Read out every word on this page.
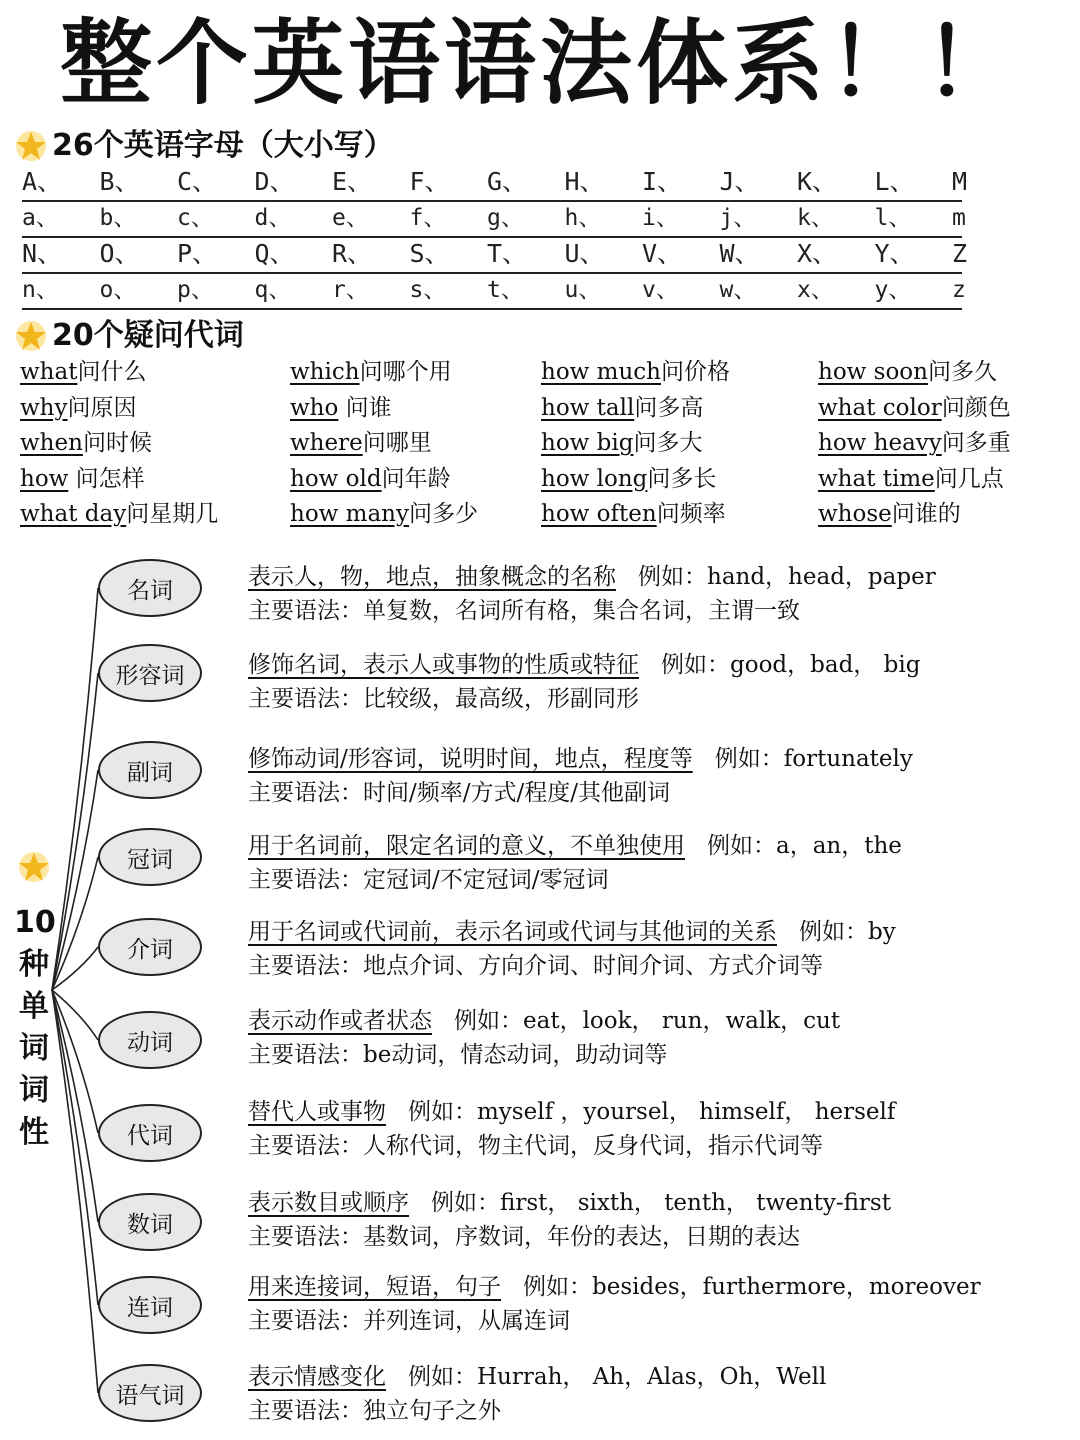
整个英语语法体系！！
26个英语字母（大小写）
A、 B、 C、 D、 E、 F、 G、 H、 I、 J、 K、 L、 M
a、 b、 c、 d、 e、 f、 g、 h、 i、 j、 k、 l、 m
N、 O、 P、 Q、 R、 S、 T、 U、 V、 W、 X、 Y、 Z
n、 o、 p、 q、 r、 s、 t、 u、 v、 w、 x、 y、 z
20个疑问代词
what问什么
why问原因
when问时候
how 问怎样
what day问星期几
which问哪个用
who 问谁
where问哪里
how old问年龄
how many问多少
how much问价格
how tall问多高
how big问多大
how long问多长
how often问频率
how soon问多久
what color问颜色
how heavy问多重
what time问几点
whose问谁的
10
种
单
词
词
性
名词
表示人，物，地点，抽象概念的名称 例如：hand，head，paper
主要语法：单复数，名词所有格，集合名词，主谓一致
形容词	修饰名词，表示人或事物的性质或特征 例如：good，bad， big
主要语法：比较级，最高级，形副同形
副词
修饰动词/形容词，说明时间，地点，程度等 例如：fortunately
主要语法：时间/频率/方式/程度/其他副词
冠词
用于名词前，限定名词的意义，不单独使用 例如：a，an，the
主要语法：定冠词/不定冠词/零冠词
介词
用于名词或代词前，表示名词或代词与其他词的关系 例如：by
主要语法：地点介词、方向介词、时间介词、方式介词等
动词
表示动作或者状态 例如：eat，look， run，walk，cut
主要语法：be动词，情态动词，助动词等
代词
替代人或事物 例如：myself ，yoursel， himself， herself
主要语法：人称代词，物主代词，反身代词，指示代词等
数词
表示数目或顺序 例如：first， sixth， tenth， twenty-first
主要语法：基数词，序数词，年份的表达，日期的表达
连词
用来连接词，短语，句子 例如：besides，furthermore，moreover
主要语法：并列连词，从属连词
语气词
表示情感变化 例如：Hurrah， Ah，Alas，Oh，Well
主要语法：独立句子之外
